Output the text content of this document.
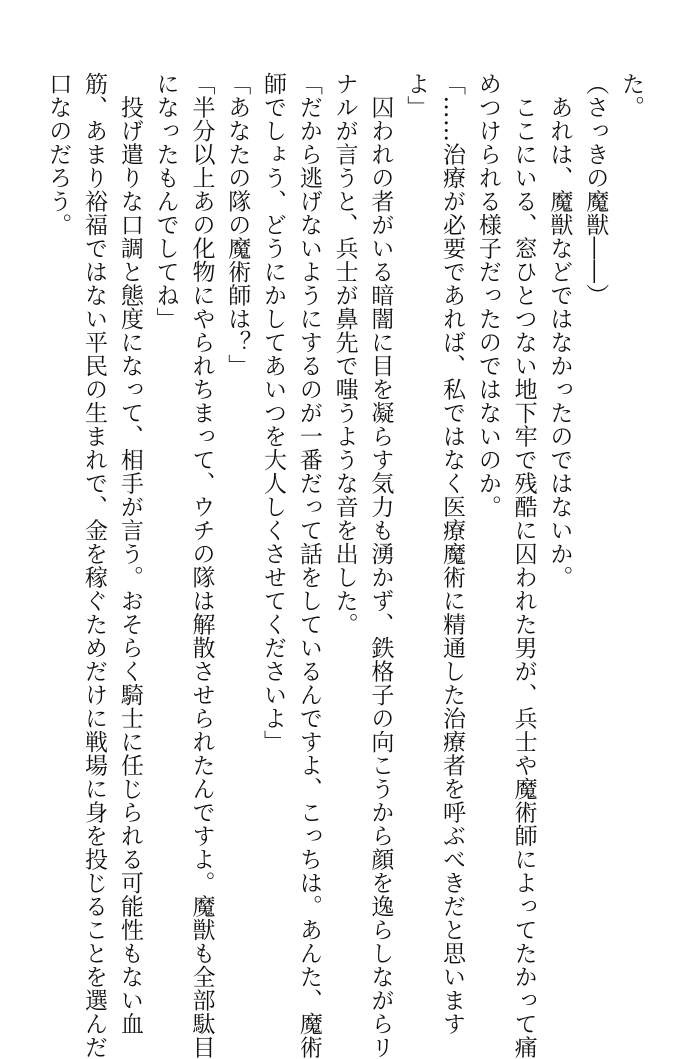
た。
（さっきの魔獣――）
　あれは、魔獣などではなかったのではないか。
　ここにいる、窓ひとつない地下牢で残酷に囚われた男が、兵士や魔術師によってたかって痛
めつけられる様子だったのではないのか。
「……治療が必要であれば、私ではなく医療魔術に精通した治療者を呼ぶべきだと思います
よ」
　囚われの者がいる暗闇に目を凝らす気力も湧かず、鉄格子の向こうから顔を逸らしながらリ
ナルが言うと、兵士が鼻先で嗤うような音を出した。
「だから逃げないようにするのが一番だって話をしているんですよ、こっちは。あんた、魔術
師でしょう、どうにかしてあいつを大人しくさせてくださいよ」
「あなたの隊の魔術師は？」
「半分以上あの化物にやられちまって、ウチの隊は解散させられたんですよ。魔獣も全部駄目
になったもんでしてね」
　投げ遣りな口調と態度になって、相手が言う。おそらく騎士に任じられる可能性もない血
筋、あまり裕福ではない平民の生まれで、金を稼ぐためだけに戦場に身を投じることを選んだ
口なのだろう。
